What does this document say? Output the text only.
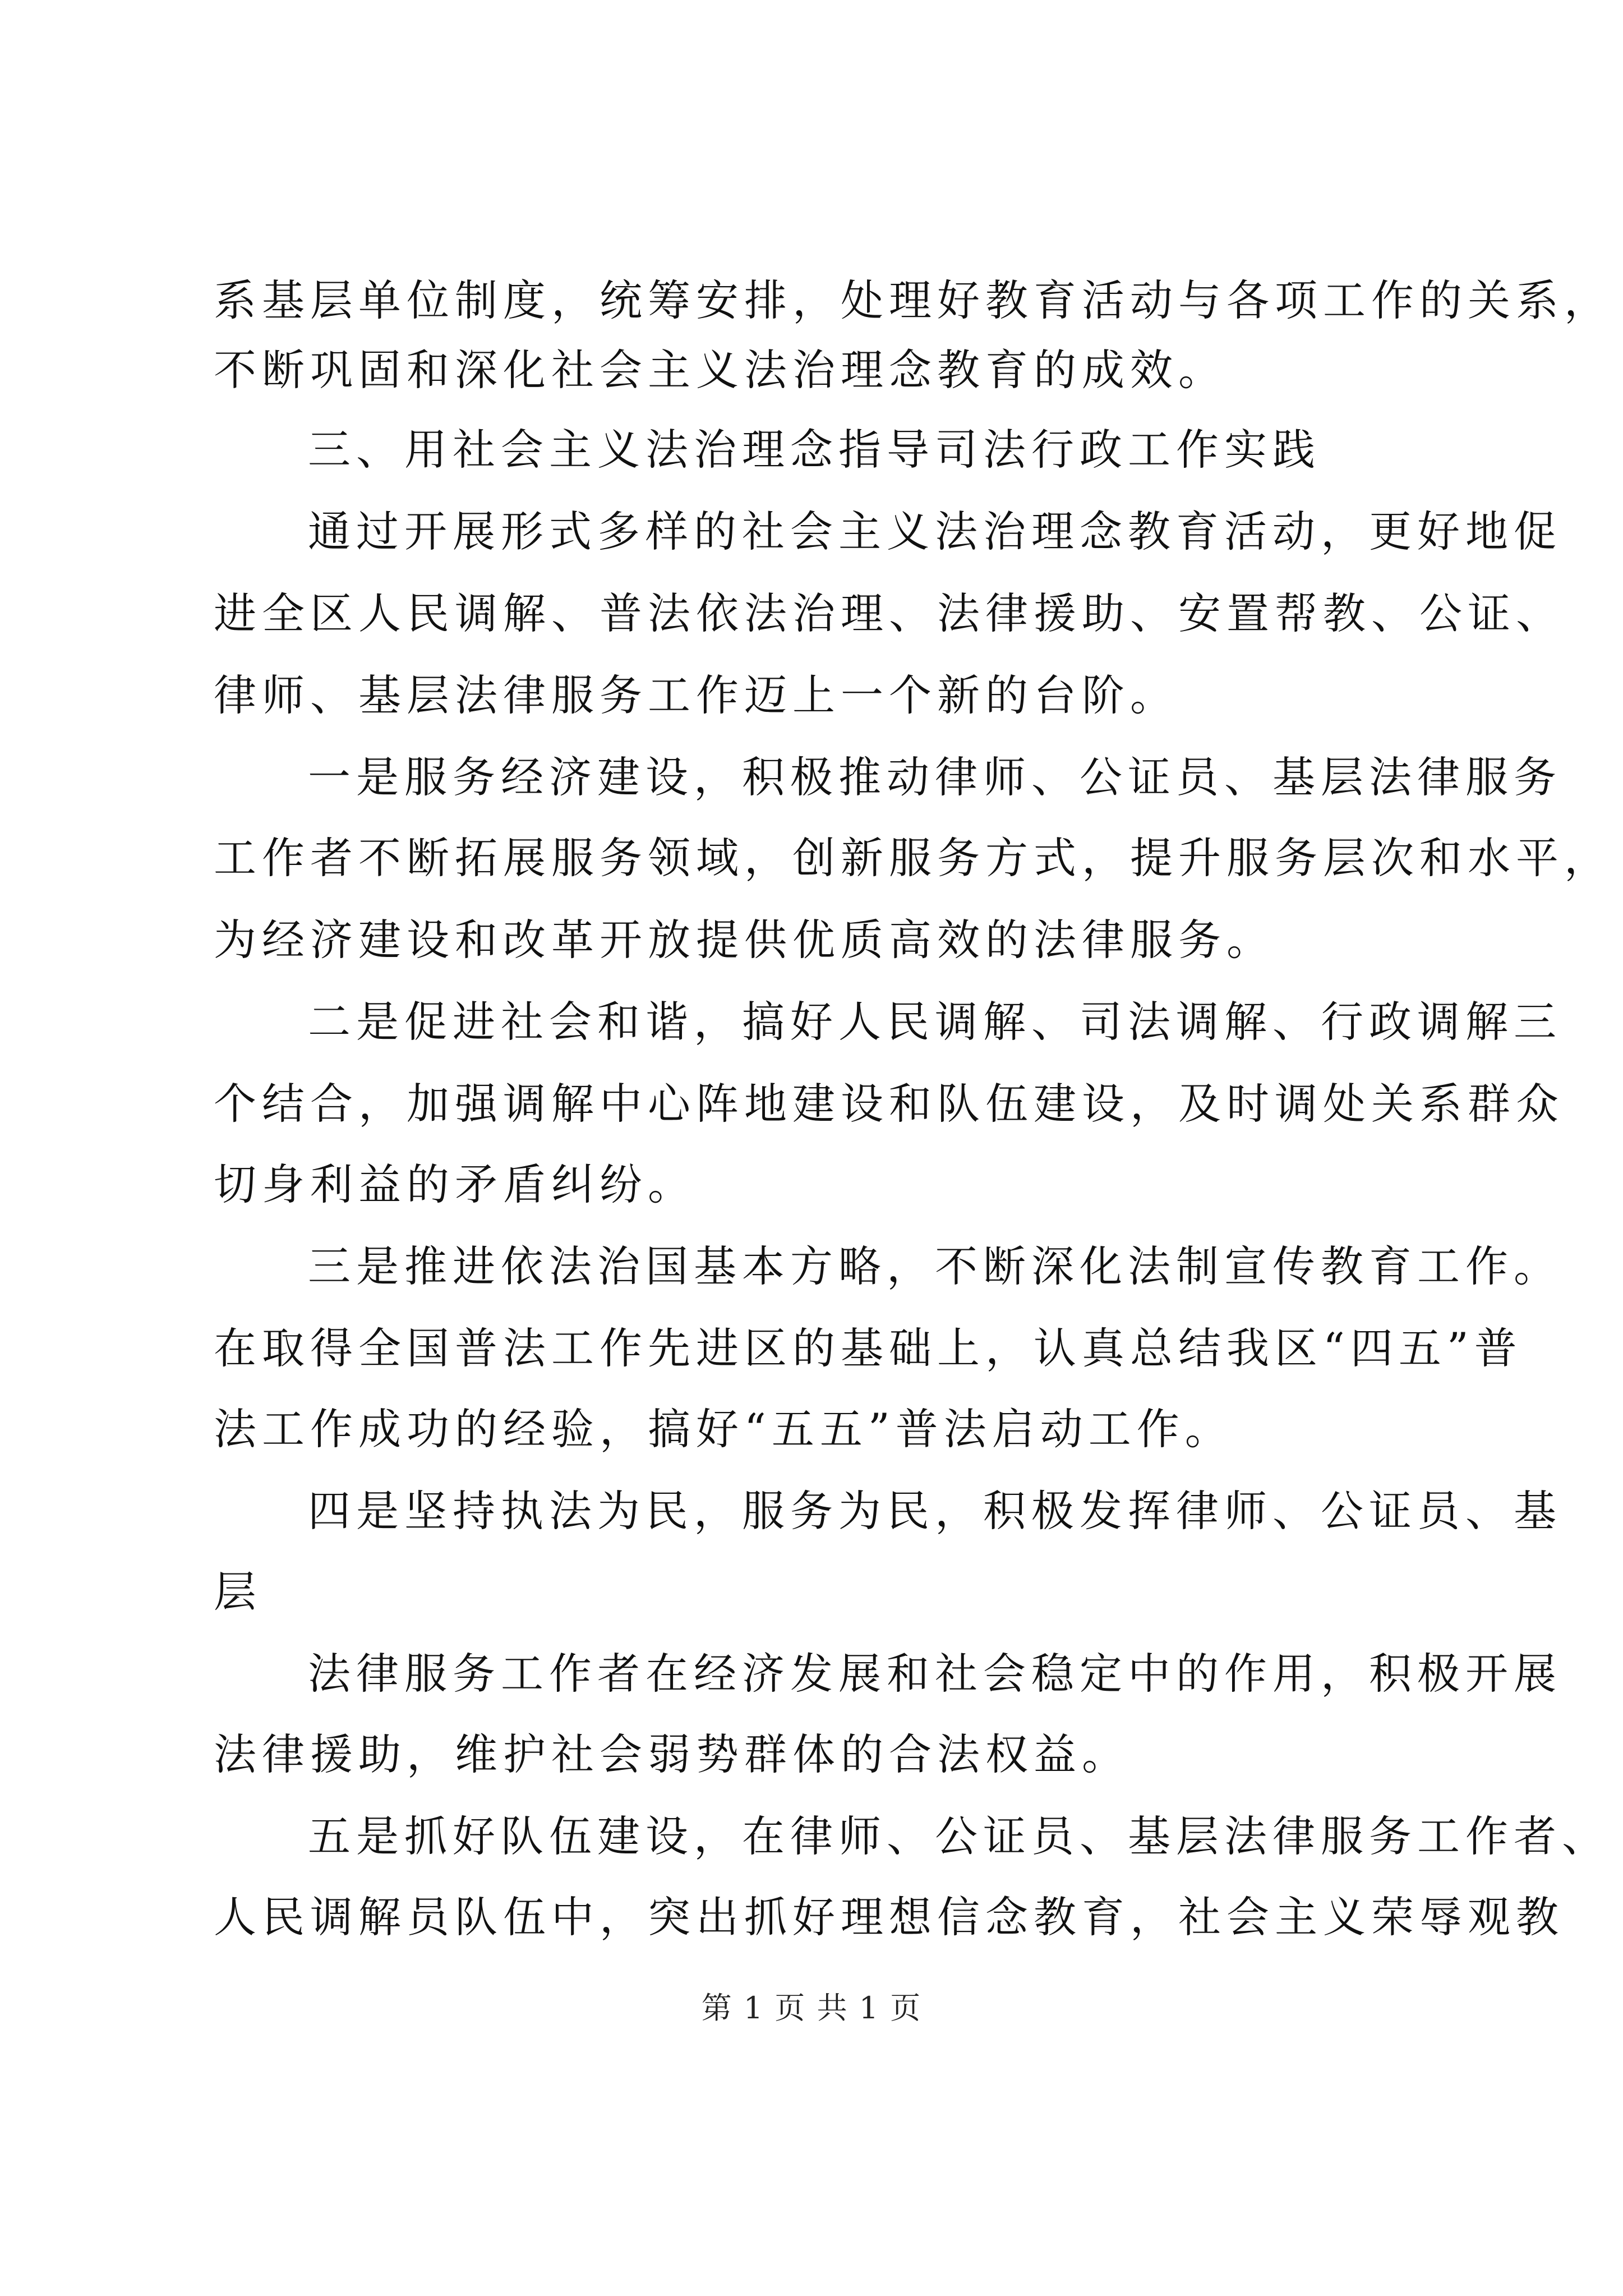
系基层单位制度，统筹安排，处理好教育活动与各项工作的关系，
不断巩固和深化社会主义法治理念教育的成效。
三、用社会主义法治理念指导司法行政工作实践
通过开展形式多样的社会主义法治理念教育活动，更好地促
进全区人民调解、普法依法治理、法律援助、安置帮教、公证、
律师、基层法律服务工作迈上一个新的台阶。
一是服务经济建设，积极推动律师、公证员、基层法律服务
工作者不断拓展服务领域，创新服务方式，提升服务层次和水平，
为经济建设和改革开放提供优质高效的法律服务。
二是促进社会和谐，搞好人民调解、司法调解、行政调解三
个结合，加强调解中心阵地建设和队伍建设，及时调处关系群众
切身利益的矛盾纠纷。
三是推进依法治国基本方略，不断深化法制宣传教育工作。
在取得全国普法工作先进区的基础上，认真总结我区“四五”普
法工作成功的经验，搞好“五五”普法启动工作。
四是坚持执法为民，服务为民，积极发挥律师、公证员、基
层
法律服务工作者在经济发展和社会稳定中的作用，积极开展
法律援助，维护社会弱势群体的合法权益。
五是抓好队伍建设，在律师、公证员、基层法律服务工作者、
人民调解员队伍中，突出抓好理想信念教育，社会主义荣辱观教
第 1 页 共 1 页
